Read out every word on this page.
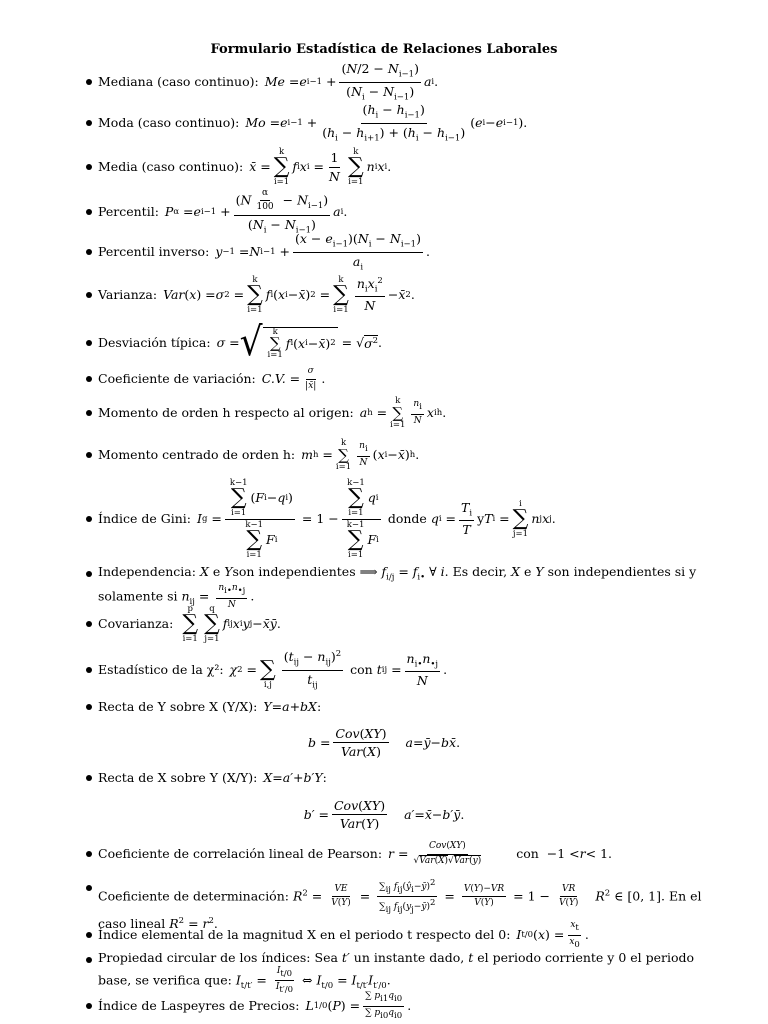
Formulario Estadística de Relaciones Laborales
Mediana (caso continuo): Me = e $i-1 + \frac{(N/2 - N_{i-1})}{(N_i - N_{i-1})}$ a i .
Moda (caso continuo): Mo = e $i-1 + \frac{(h_i - h_{i-1})}{(h_i - h_{i+1}) + (h_i - h_{i-1})}$ ( e i − e i−1 ).
Media (caso continuo): x̄ =
k
∑
i=1
f i x $i = \frac{1}{N}$ k
∑
i=1
n i x i .
Percentil: P α = e $i-1 + \frac{(N \frac{\alpha}{100} - N_{i-1})}{(N_i - N_{i-1})}$ a i .
Percentil inverso: y −1 = N $i-1 + \frac{(x - e_{i-1})(N_i - N_{i-1})}{a_i}$ .
Varianza: Var ( x ) = σ 2 =
k
∑
i=1
f i ( x i − x̄ ) 2 =
k
∑
$i=1 \frac{n_ix_i^2}{N}$ − x̄ 2 .
Desviación típica: σ = √ k
∑
i=1
f i ( x i − x̄ ) 2 = √ $\sigma^2$ .
Coeficiente de variación: C.V. = $\frac{\sigma}{|x̄|}$ .
Momento de orden h respecto al origen: a h =
k
∑
$i=1 \frac{n_i}{N}$ x i h .
Momento centrado de orden h: m h =
k
∑
$i=1 \frac{n_i}{N}$ ( x i − x̄ ) h .
Índice de Gini: I g = k−1
∑
i=1
( F i − q i )
k−1
∑
i=1
F i = 1 − k−1
∑
i=1
q i
k−1
∑
i=1
F i
donde
q $i = \frac{T_i}{T}$ y T i =
i
∑
j=1
n j x j .
Independencia: X e Yson independientes ⟹ $f_{i/j} = f_{i•}$ ∀ i. Es decir, X e Y son independientes si y solamente si $n_{ij} = \frac{n_{i•}n_{•j}}{N}$ .
Covarianza:
p
∑
i=1
q
∑
j=1
f ij x i y j − x̄ȳ .
Estadístico de la χ²: χ 2 =
∑
$i,j \frac{(t_{ij} - n_{ij})^2}{t_{ij}}$
con
t ij = $\frac{n_{i•}n_{•j}}{N}$ .
Recta de Y sobre X (Y/X): Y = a + bX :
$b = \frac{\text{Cov(XY)}}{\text{Var(X)}}$ a = ȳ − bx̄ .
Recta de X sobre Y (X/Y): X = a′ + b′Y :
$b' = \frac{\text{Cov(XY)}}{\text{Var(Y)}} a'$ = x̄ − b′ȳ .
Coeficiente de correlación lineal de Pearson: $r = \frac{\text{Cov(XY)}}{\text{√Var(X)√Var(y)}}$	con −1 < r < 1.
Coeficiente de determinación: $R^2 = \frac{VE}{V(Y)} = \frac{\sum_{ij} f_{ij}(ŷ_i-ȳ)^2}{\sum_{ij} f_{ij}(y_j-ȳ)^2} = \frac{V(Y)-VR}{V(Y)} = 1 - \frac{VR}{V(Y)} R^2$ ∈ [0, 1]. En el caso lineal $R^2 = r^2$.
Índice elemental de la magnitud X en el periodo t respecto del 0: I t/0 ( x ) = $\frac{x_t}{x_0}$ .
Propiedad circular de los índices: Sea t′ un instante dado, t el periodo corriente y 0 el periodo base, se verifica que: $I_{t/t'} = \frac{I_{t/0}}{I_{t'/0}}$ ⇔ $I_{t/0} = I_{t/t'}I_{t'/0}$.
Índice de Laspeyres de Precios: L 1/0 ( P ) = $\frac{\sum p_{i1}q_{i0}}{\sum p_{i0}q_{i0}}$ .
